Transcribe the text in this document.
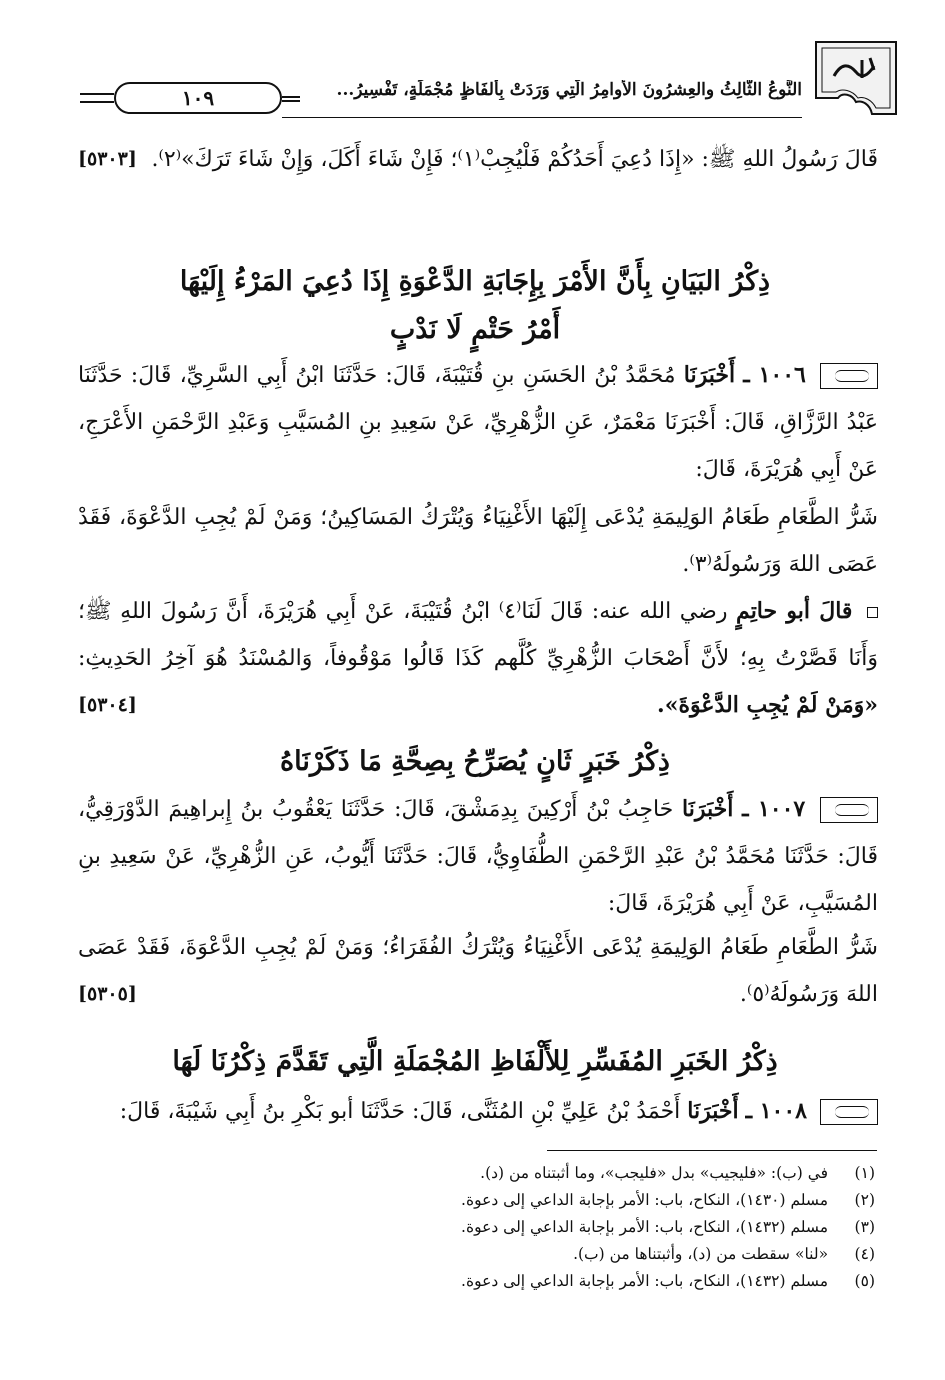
النَّوعُ الثَّالِثُ والعِشرُونَ الأَوامِرُ الَّتِي وَرَدَتْ بِأَلفَاظٍ مُجْمَلَةٍ، تَفْسِيرُ...
١٠٩
قَالَ رَسُولُ اللهِ ﷺ: «إِذَا دُعِيَ أَحَدُكُمْ فَلْيُجِبْ⁽١⁾؛ فَإِنْ شَاءَ أَكَلَ، وَإِنْ شَاءَ تَرَكَ»⁽٢⁾.
[٥٣٠٣]
ذِكْرُ البَيَانِ بِأَنَّ الأَمْرَ بِإِجَابَةِ الدَّعْوَةِ إِذَا دُعِيَ المَرْءُ إِلَيْهَا
أَمْرُ حَتْمٍ لَا نَدْبٍ
١٠٠٦ ـ أَخْبَرَنَا مُحَمَّدُ بْنُ الحَسَنِ بنِ قُتَيْبَةَ، قَالَ: حَدَّثَنَا ابْنُ أَبِي السَّرِيِّ، قَالَ: حَدَّثَنَا عَبْدُ الرَّزَّاقِ، قَالَ: أَخْبَرَنَا مَعْمَرٌ، عَنِ الزُّهْرِيِّ، عَنْ سَعِيدِ بنِ المُسَيَّبِ وَعَبْدِ الرَّحْمَنِ الأَعْرَجِ، عَنْ أَبِي هُرَيْرَةَ، قَالَ:
شَرُّ الطَّعَامِ طَعَامُ الوَلِيمَةِ يُدْعَى إِلَيْهَا الأَغْنِيَاءُ وَيُتْرَكُ المَسَاكِينُ؛ وَمَنْ لَمْ يُجِبِ الدَّعْوَةَ، فَقَدْ عَصَى اللهَ وَرَسُولَهُ⁽٣⁾.
قالَ أبو حاتِمٍ رضي الله عنه: قَالَ لَنَا⁽٤⁾ ابْنُ قُتَيْبَةَ، عَنْ أَبِي هُرَيْرَةَ، أَنَّ رَسُولَ اللهِ ﷺ؛ وَأَنَا قَصَّرْتُ بِهِ؛ لأَنَّ أَصْحَابَ الزُّهْرِيِّ كُلَّهم كَذَا قَالُوا مَوْقُوفاً، وَالمُسْنَدُ هُوَ آخِرُ الحَدِيثِ: «وَمَنْ لَمْ يُجِبِ الدَّعْوَةَ».
[٥٣٠٤]
ذِكْرُ خَبَرٍ ثَانٍ يُصَرِّحُ بِصِحَّةِ مَا ذَكَرْنَاهُ
١٠٠٧ ـ أَخْبَرَنَا حَاجِبُ بْنُ أَرْكِينَ بِدِمَشْقَ، قَالَ: حَدَّثَنَا يَعْقُوبُ بنُ إِبراهِيمَ الدَّوْرَقِيُّ، قَالَ: حَدَّثَنَا مُحَمَّدُ بْنُ عَبْدِ الرَّحْمَنِ الطُّفَاوِيُّ، قَالَ: حَدَّثَنَا أَيُّوبُ، عَنِ الزُّهْرِيِّ، عَنْ سَعِيدِ بنِ المُسَيَّبِ، عَنْ أَبِي هُرَيْرَةَ، قَالَ:
شَرُّ الطَّعَامِ طَعَامُ الوَلِيمَةِ يُدْعَى الأَغْنِيَاءُ وَيُتْرَكُ الفُقَرَاءُ؛ وَمَنْ لَمْ يُجِبِ الدَّعْوَةَ، فَقَدْ عَصَى اللهَ وَرَسُولَهُ⁽٥⁾.
[٥٣٠٥]
ذِكْرُ الخَبَرِ المُفَسِّرِ لِلأَلْفَاظِ المُجْمَلَةِ الَّتِي تَقَدَّمَ ذِكْرُنَا لَهَا
١٠٠٨ ـ أَخْبَرَنَا أَحْمَدُ بْنُ عَلِيِّ بْنِ المُثَنَّى، قَالَ: حَدَّثَنَا أبو بَكْرِ بنُ أَبِي شَيْبَةَ، قَالَ:
(١) في (ب): «فليجيب» بدل «فليجب»، وما أثبتناه من (د).
(٢) مسلم (١٤٣٠)، النكاح، باب: الأمر بإجابة الداعي إلى دعوة.
(٣) مسلم (١٤٣٢)، النكاح، باب: الأمر بإجابة الداعي إلى دعوة.
(٤) «لنا» سقطت من (د)، وأثبتناها من (ب).
(٥) مسلم (١٤٣٢)، النكاح، باب: الأمر بإجابة الداعي إلى دعوة.
